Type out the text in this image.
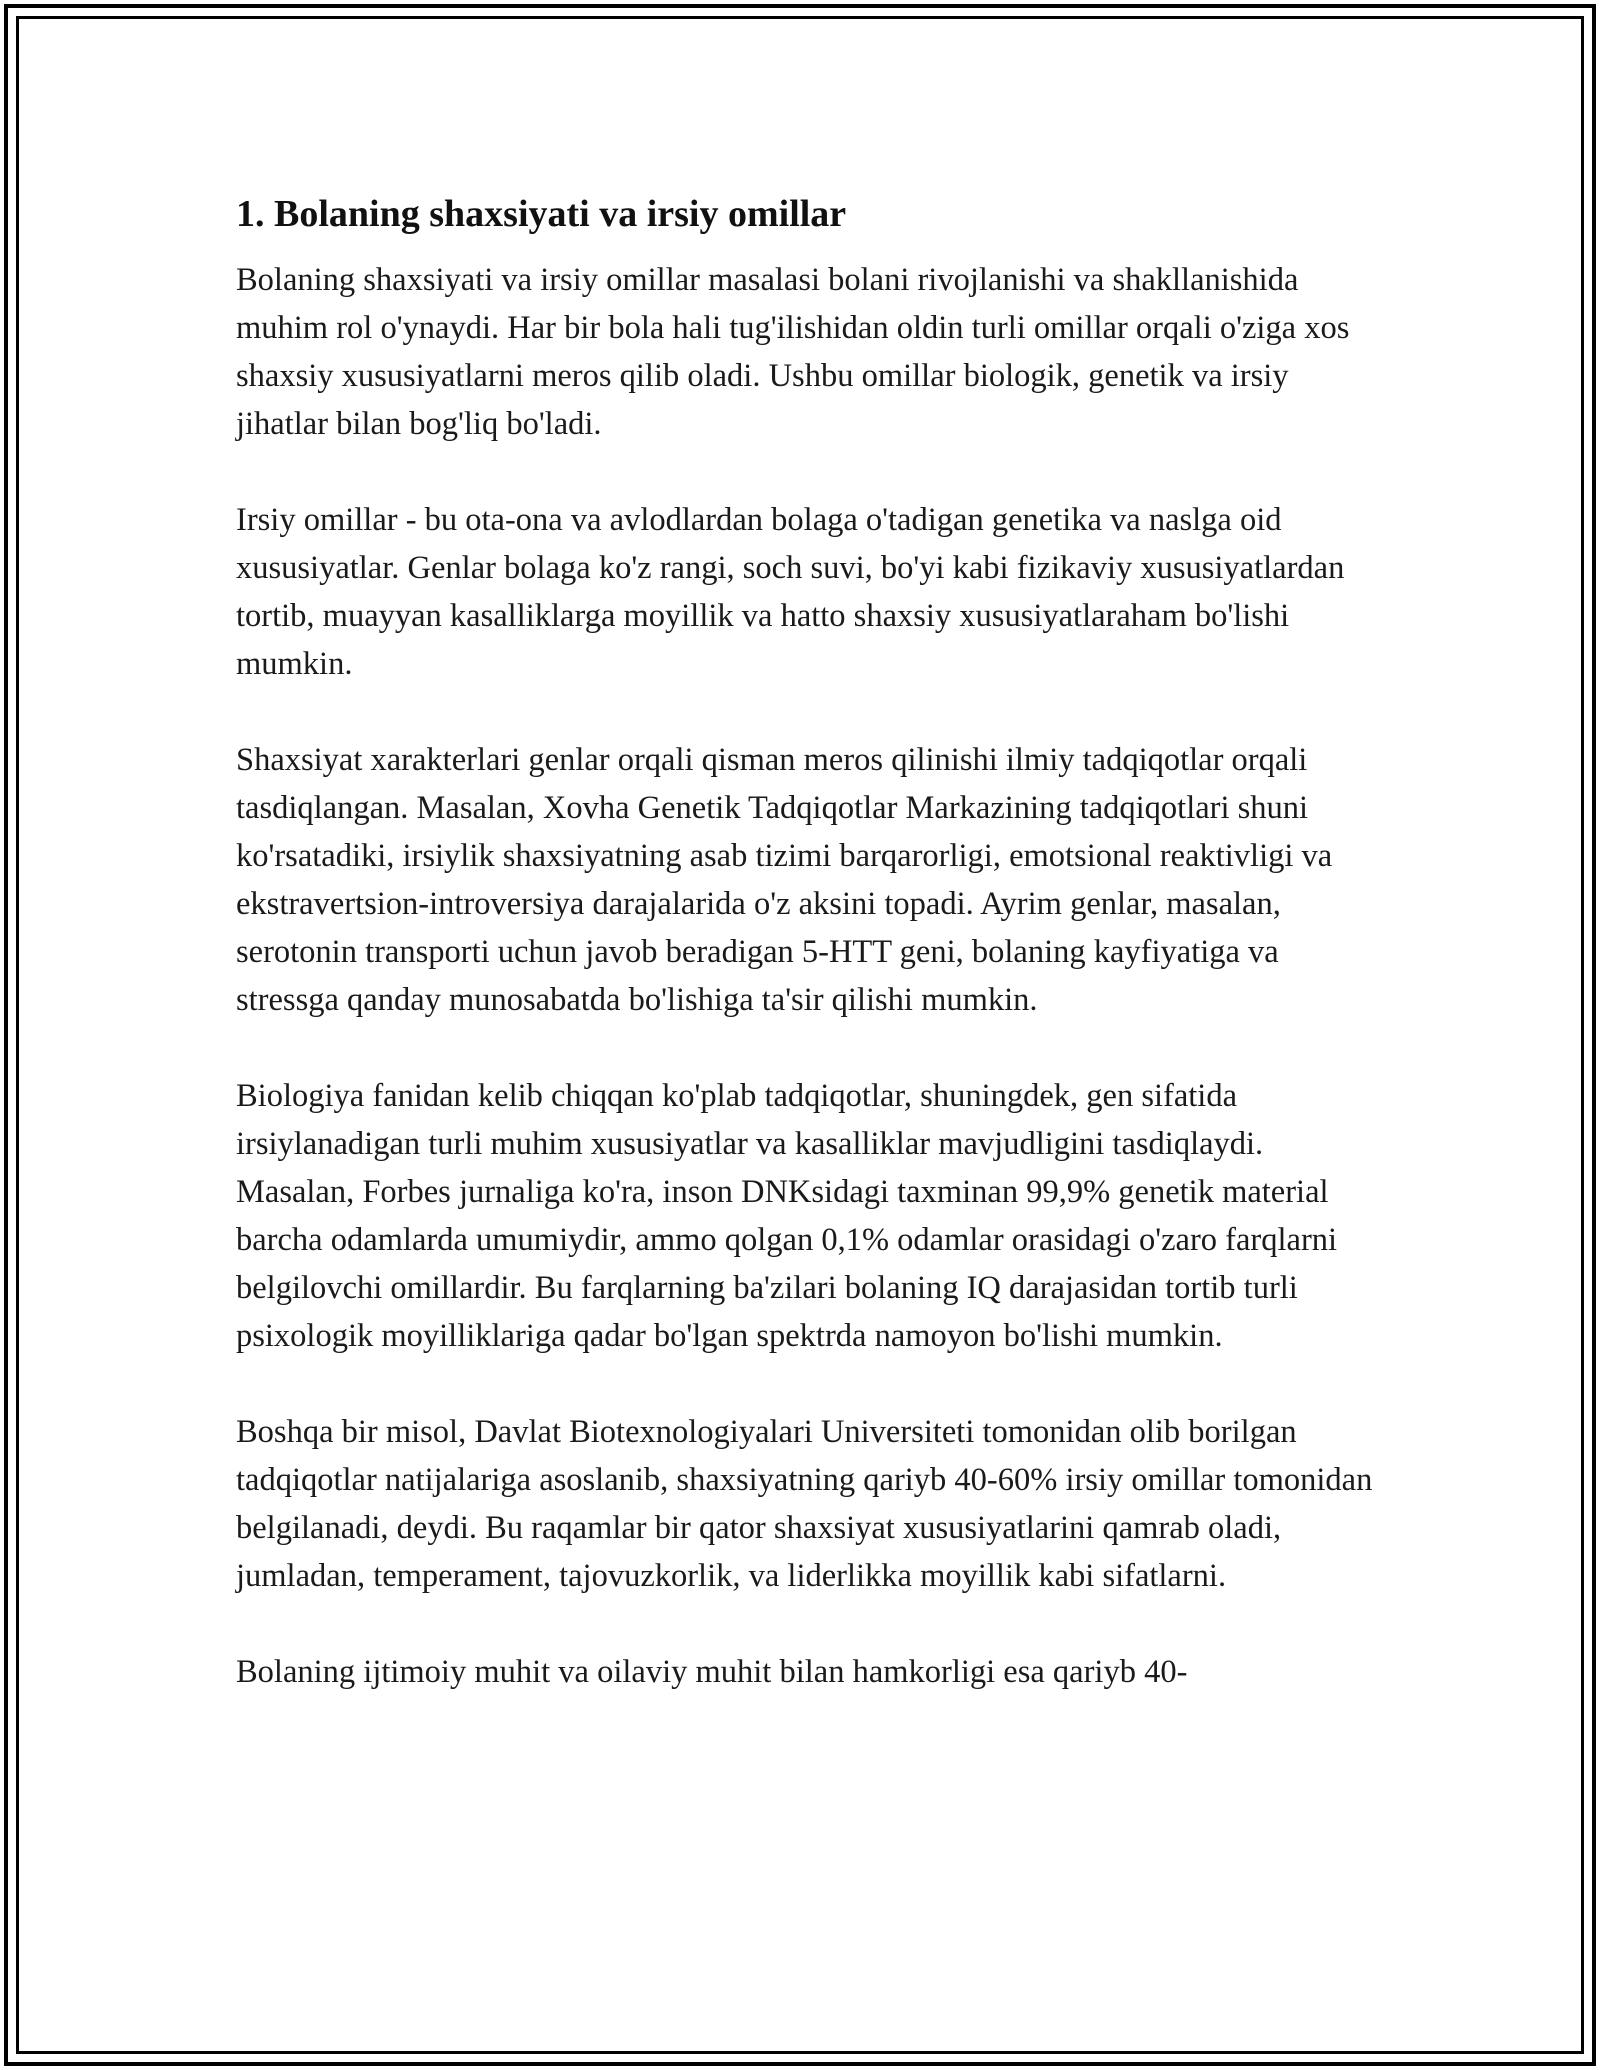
1. Bolaning shaxsiyati va irsiy omillar

Bolaning shaxsiyati va irsiy omillar masalasi bolani rivojlanishi va shakllanishida muhim rol o'ynaydi. Har bir bola hali tug'ilishidan oldin turli omillar orqali o'ziga xos shaxsiy xususiyatlarni meros qilib oladi. Ushbu omillar biologik, genetik va irsiy jihatlar bilan bog'liq bo'ladi.

Irsiy omillar - bu ota-ona va avlodlardan bolaga o'tadigan genetika va naslga oid xususiyatlar. Genlar bolaga ko'z rangi, soch suvi, bo'yi kabi fizikaviy xususiyatlardan tortib, muayyan kasalliklarga moyillik va hatto shaxsiy xususiyatlaraham bo'lishi mumkin.

Shaxsiyat xarakterlari genlar orqali qisman meros qilinishi ilmiy tadqiqotlar orqali tasdiqlangan. Masalan, Xovha Genetik Tadqiqotlar Markazining tadqiqotlari shuni ko'rsatadiki, irsiylik shaxsiyatning asab tizimi barqarorligi, emotsional reaktivligi va ekstravertsion-introversiya darajalarida o'z aksini topadi. Ayrim genlar, masalan, serotonin transporti uchun javob beradigan 5-HTT geni, bolaning kayfiyatiga va stressga qanday munosabatda bo'lishiga ta'sir qilishi mumkin.

Biologiya fanidan kelib chiqqan ko'plab tadqiqotlar, shuningdek, gen sifatida irsiylanadigan turli muhim xususiyatlar va kasalliklar mavjudligini tasdiqlaydi. Masalan, Forbes jurnaliga ko'ra, inson DNKsidagi taxminan 99,9% genetik material barcha odamlarda umumiydir, ammo qolgan 0,1% odamlar orasidagi o'zaro farqlarni belgilovchi omillardir. Bu farqlarning ba'zilari bolaning IQ darajasidan tortib turli psixologik moyilliklariga qadar bo'lgan spektrda namoyon bo'lishi mumkin.

Boshqa bir misol, Davlat Biotexnologiyalari Universiteti tomonidan olib borilgan tadqiqotlar natijalariga asoslanib, shaxsiyatning qariyb 40-60% irsiy omillar tomonidan belgilanadi, deydi. Bu raqamlar bir qator shaxsiyat xususiyatlarini qamrab oladi, jumladan, temperament, tajovuzkorlik, va liderlikka moyillik kabi sifatlarni.

Bolaning ijtimoiy muhit va oilaviy muhit bilan hamkorligi esa qariyb 40-
